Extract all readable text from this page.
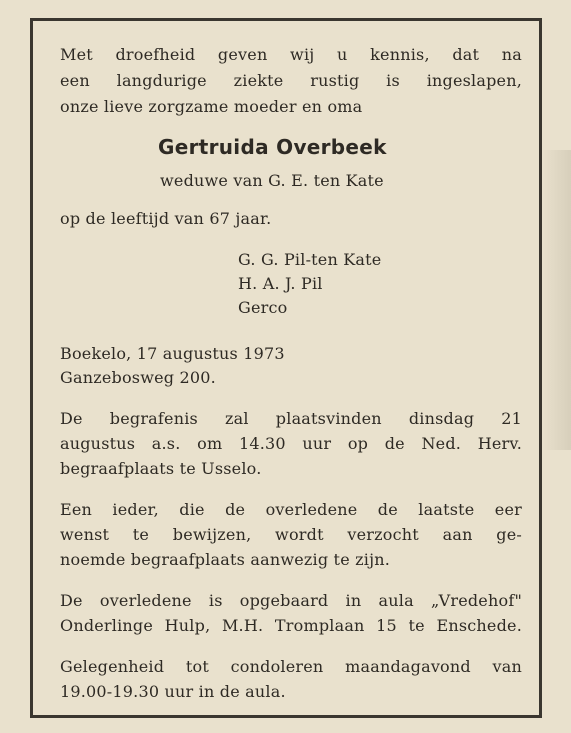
Met droefheid geven wij u kennis, dat na

een langdurige ziekte rustig is ingeslapen,

onze lieve zorgzame moeder en oma

Gertruida Overbeek

weduwe van G. E. ten Kate

op de leeftijd van 67 jaar.

G. G. Pil-ten Kate

H. A. J. Pil

Gerco

Boekelo, 17 augustus 1973

Ganzebosweg 200.

De begrafenis zal plaatsvinden dinsdag 21

augustus a.s. om 14.30 uur op de Ned. Herv.

begraafplaats te Usselo.

Een ieder, die de overledene de laatste eer

wenst te bewijzen, wordt verzocht aan ge-

noemde begraafplaats aanwezig te zijn.

De overledene is opgebaard in aula „Vredehof"

Onderlinge Hulp, M.H. Tromplaan 15 te Enschede.

Gelegenheid tot condoleren maandagavond van

19.00-19.30 uur in de aula.
